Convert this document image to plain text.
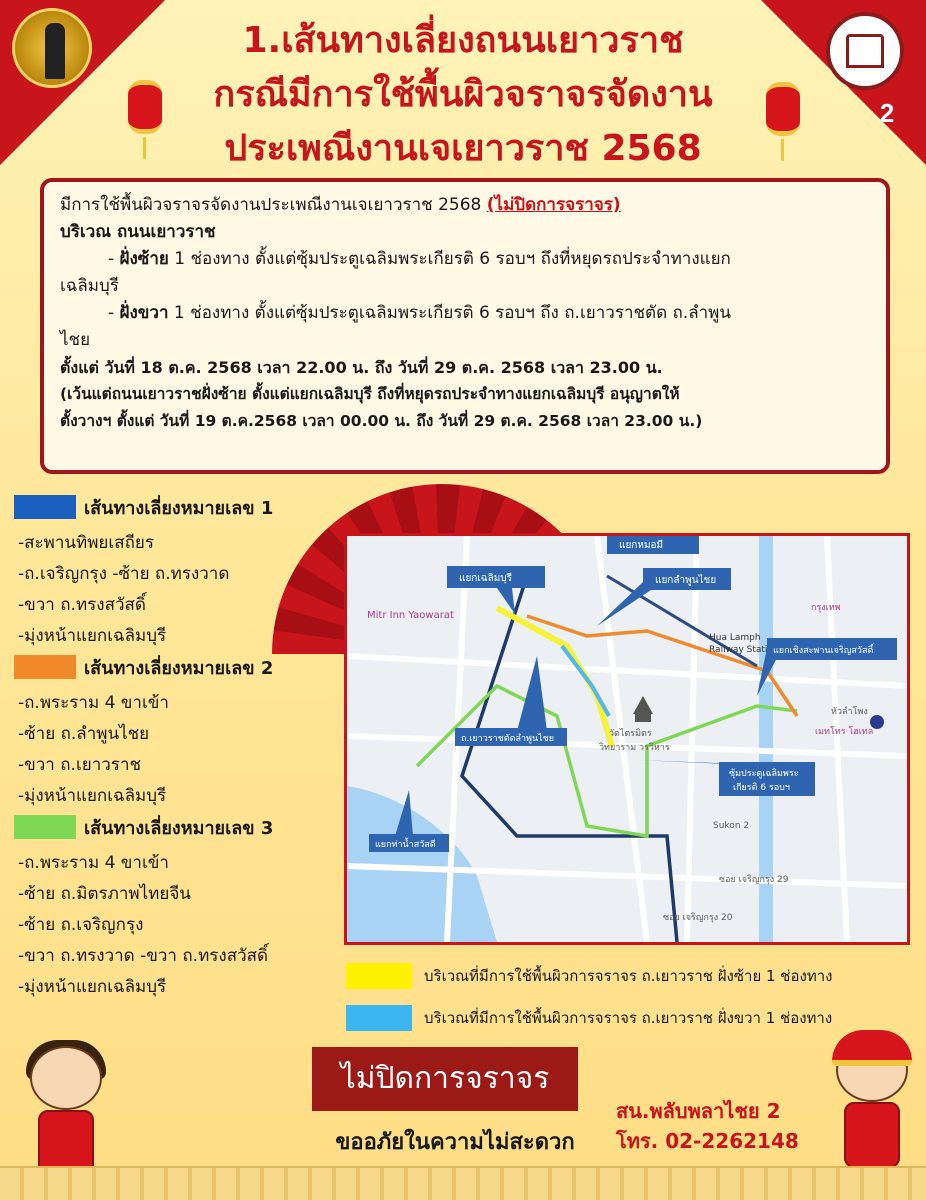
2
1.เส้นทางเลี่ยงถนนเยาวราช
กรณีมีการใช้พื้นผิวจราจรจัดงาน
ประเพณีงานเจเยาวราช 2568
มีการใช้พื้นผิวจราจรจัดงานประเพณีงานเจเยาวราช 2568 (ไม่ปิดการจราจร)
บริเวณ ถนนเยาวราช
- ฝั่งซ้าย 1 ช่องทาง ตั้งแต่ซุ้มประตูเฉลิมพระเกียรติ 6 รอบฯ ถึงที่หยุดรถประจำทางแยก
เฉลิมบุรี
- ฝั่งขวา 1 ช่องทาง ตั้งแต่ซุ้มประตูเฉลิมพระเกียรติ 6 รอบฯ ถึง ถ.เยาวราชตัด ถ.ลำพูน
ไชย
ตั้งแต่ วันที่ 18 ต.ค. 2568 เวลา 22.00 น. ถึง วันที่ 29 ต.ค. 2568 เวลา 23.00 น.
(เว้นแต่ถนนเยาวราชฝั่งซ้าย ตั้งแต่แยกเฉลิมบุรี ถึงที่หยุดรถประจำทางแยกเฉลิมบุรี อนุญาตให้
ตั้งวางฯ ตั้งแต่ วันที่ 19 ต.ค.2568 เวลา 00.00 น. ถึง วันที่ 29 ต.ค. 2568 เวลา 23.00 น.)
เส้นทางเลี่ยงหมายเลข 1
-สะพานทิพยเสถียร
-ถ.เจริญกรุง -ซ้าย ถ.ทรงวาด
-ขวา ถ.ทรงสวัสดิ์
-มุ่งหน้าแยกเฉลิมบุรี
เส้นทางเลี่ยงหมายเลข 2
-ถ.พระราม 4 ขาเข้า
-ซ้าย ถ.ลำพูนไชย
-ขวา ถ.เยาวราช
-มุ่งหน้าแยกเฉลิมบุรี
เส้นทางเลี่ยงหมายเลข 3
-ถ.พระราม 4 ขาเข้า
-ซ้าย ถ.มิตรภาพไทยจีน
-ซ้าย ถ.เจริญกรุง
-ขวา ถ.ทรงวาด -ขวา ถ.ทรงสวัสดิ์
-มุ่งหน้าแยกเฉลิมบุรี
แยกหมอมี
แยกเฉลิมบุรี	แยกลำพูนไชย
แยกเชิงสะพานเจริญสวัสดิ์
ถ.เยาวราชตัดลำพูนไชย
ซุ้มประตูเฉลิมพระ
เกียรติ 6 รอบฯ
แยกท่าน้ำสวัสดี
Mitr Inn Yaowarat
Hua Lamph
Railway Stati
กรุงเทพ
หัวลำโพง
เมทโทร โฮเทล
วัดไตรมิตร
วิทยาราม วรวิหาร
ซอย เจริญกรุง 29
ซอย เจริญกรุง 20
Sukon 2
บริเวณที่มีการใช้พื้นผิวการจราจร ถ.เยาวราช ฝั่งซ้าย 1 ช่องทาง
บริเวณที่มีการใช้พื้นผิวการจราจร ถ.เยาวราช ฝั่งขวา 1 ช่องทาง
ไม่ปิดการจราจร
ขออภัยในความไม่สะดวก
สน.พลับพลาไชย 2
โทร. 02-2262148
